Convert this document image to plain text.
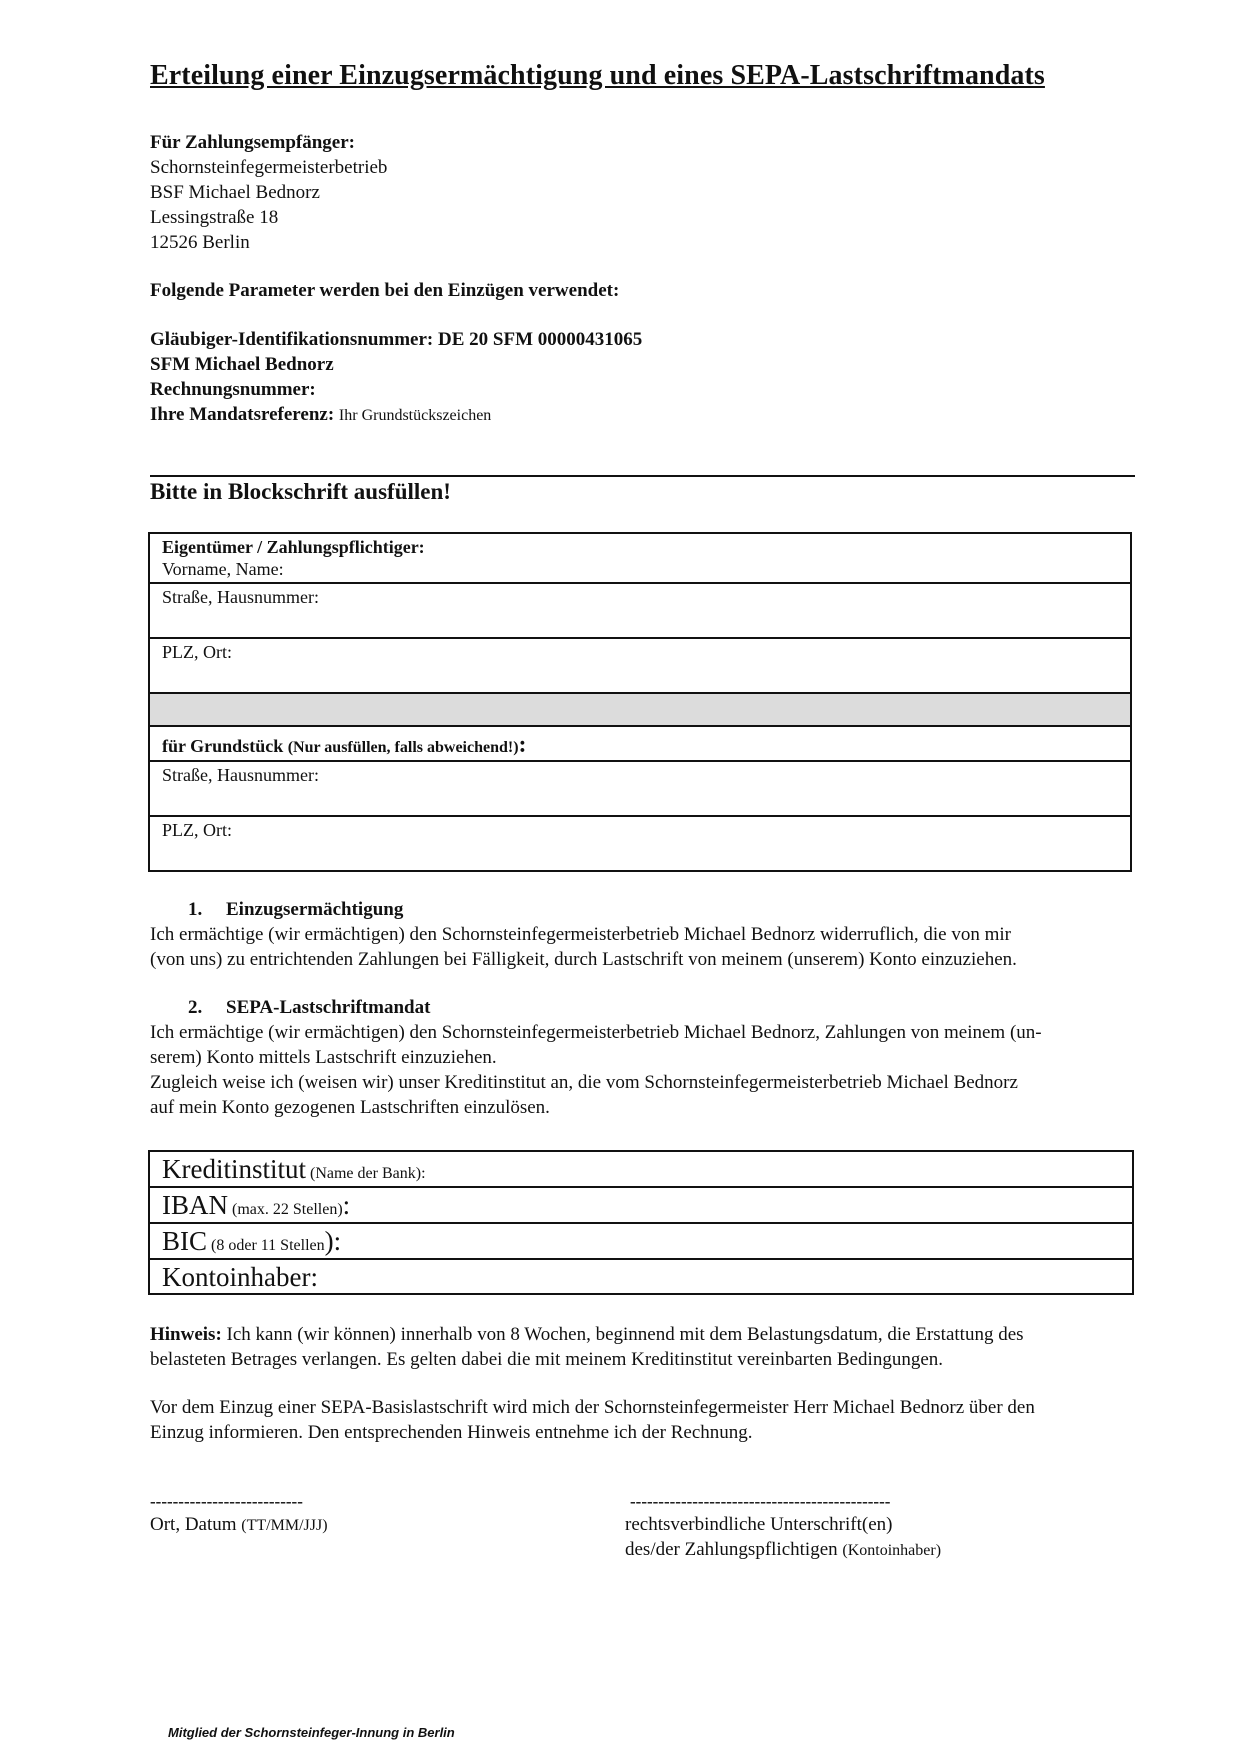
Erteilung einer Einzugsermächtigung und eines SEPA-Lastschriftmandats
Für Zahlungsempfänger:
Schornsteinfegermeisterbetrieb
BSF Michael Bednorz
Lessingstraße 18
12526 Berlin
Folgende Parameter werden bei den Einzügen verwendet:
Gläubiger-Identifikationsnummer: DE 20 SFM 00000431065
SFM Michael Bednorz
Rechnungsnummer:
Ihre Mandatsreferenz: Ihr Grundstückszeichen
Bitte in Blockschrift ausfüllen!
Eigentümer / Zahlungspflichtiger:
Vorname, Name:
Straße, Hausnummer:
PLZ, Ort:
für Grundstück (Nur ausfüllen, falls abweichend!):
Straße, Hausnummer:
PLZ, Ort:
1. Einzugsermächtigung
Ich ermächtige (wir ermächtigen) den Schornsteinfegermeisterbetrieb Michael Bednorz widerruflich, die von mir
(von uns) zu entrichtenden Zahlungen bei Fälligkeit, durch Lastschrift von meinem (unserem) Konto einzuziehen.
2. SEPA-Lastschriftmandat
Ich ermächtige (wir ermächtigen) den Schornsteinfegermeisterbetrieb Michael Bednorz, Zahlungen von meinem (un-
serem) Konto mittels Lastschrift einzuziehen.
Zugleich weise ich (weisen wir) unser Kreditinstitut an, die vom Schornsteinfegermeisterbetrieb Michael Bednorz
auf mein Konto gezogenen Lastschriften einzulösen.
Kreditinstitut (Name der Bank):
IBAN (max. 22 Stellen):
BIC (8 oder 11 Stellen):
Kontoinhaber:
Hinweis: Ich kann (wir können) innerhalb von 8 Wochen, beginnend mit dem Belastungsdatum, die Erstattung des
belasteten Betrages verlangen. Es gelten dabei die mit meinem Kreditinstitut vereinbarten Bedingungen.
Vor dem Einzug einer SEPA-Basislastschrift wird mich der Schornsteinfegermeister Herr Michael Bednorz über den
Einzug informieren. Den entsprechenden Hinweis entnehme ich der Rechnung.
---------------------------
Ort, Datum (TT/MM/JJJ)
----------------------------------------------
rechtsverbindliche Unterschrift(en)
des/der Zahlungspflichtigen (Kontoinhaber)
Mitglied der Schornsteinfeger-Innung in Berlin
